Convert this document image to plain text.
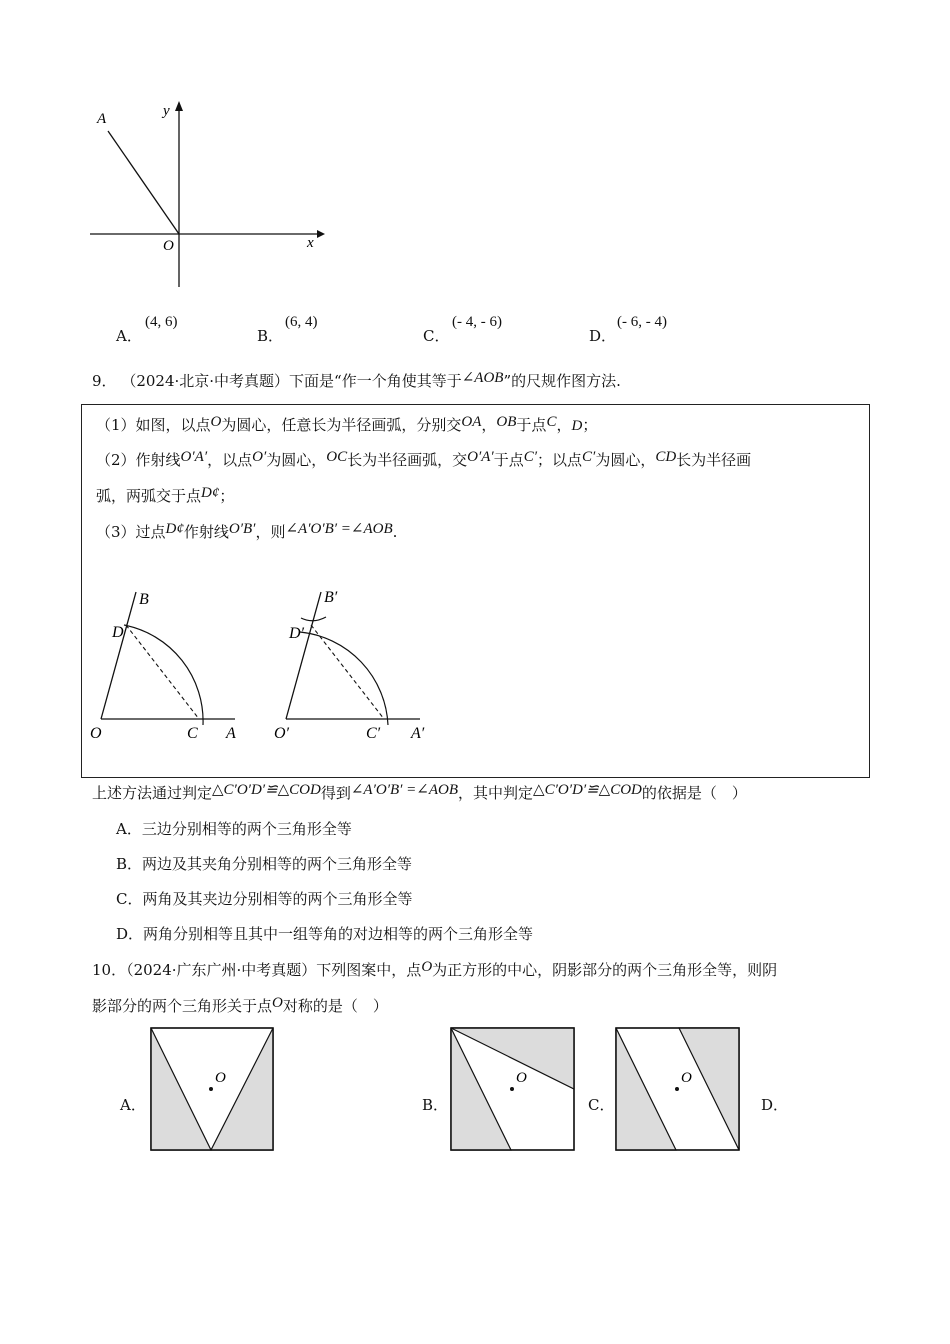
A	y
O	x
A．
(4, 6)
B．
(6, 4)
C．
(- 4, - 6)
D．
(- 6, - 4)
9． （2024·北京·中考真题）下面是“作一个角使其等于∠AOB”的尺规作图方法.
（1）如图，以点O为圆心，任意长为半径画弧，分别交OA，OB于点C，D；
（2）作射线O′A′，以点O′为圆心，OC长为半径画弧，交O′A′于点C′；以点C′为圆心，CD长为半径画
弧，两弧交于点D¢；
（3）过点D¢作射线O′B′，则∠A′O′B′ =∠AOB.
B
D
O	C A
B′
D′
O′	C′ A′
上述方法通过判定△C′O′D′≌△COD得到∠A′O′B′ =∠AOB，其中判定△C′O′D′≌△COD的依据是（　）
A．三边分别相等的两个三角形全等
B．两边及其夹角分别相等的两个三角形全等
C．两角及其夹边分别相等的两个三角形全等
D．两角分别相等且其中一组等角的对边相等的两个三角形全等
10．（2024·广东广州·中考真题）下列图案中，点O为正方形的中心，阴影部分的两个三角形全等，则阴
影部分的两个三角形关于点O对称的是（　）
A．
O
B．
O
C．
O
D．
